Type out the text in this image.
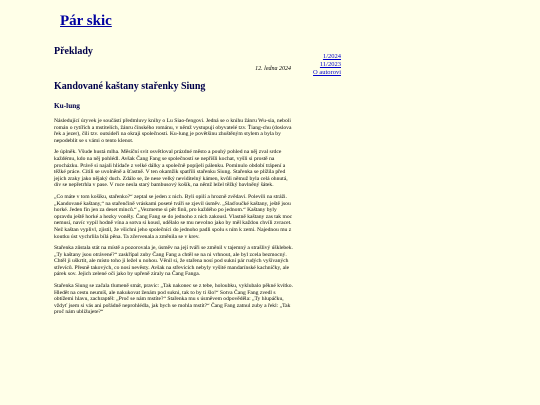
Pár skic
Překlady	1/2024
11/2023
O autorovi
12. ledna 2024
Kandované kaštany stařenky Siung
Ku-lung

Následující úryvek je součástí předmluvy knihy o Lu Siao-fengovi. Jedná se o knihu žánru Wu-sia, neboli román o rytířích a mstitelích, žánru čínského románu, v němž vystupují obyvatelé tzv. Ťiang-chu (doslova řek a jezer), čili tzv. outsideři na okraji společnosti. Ku-lung je povětšinu zhuštěným stylem a byla by nepodeblit se s vámi o tento klenot.

Je úplněk. Všude hustá mlha. Měsíční svit osvětloval prázdné město a pouhý pohled na něj zval srdce každému, kdo na něj pohlédl. Avšak Čang Fang se společností se nepřišli kochat, vyšli si prostě na procházku. Právě si najali hlídače z velké dálky a společně popíjeli pálenku. Pominulo období trápení a těžké práce. Cítili se uvolněně a šťastně. V ten okamžik spatřili stařenku Siung. Stařenka se plížila před jejich zraky jako nějaký duch. Zdálo se, že nese velký neviditelný kámen, kvůli němuž byla celá ohnutá, div se nepřetrhla v pase. V ruce nesla starý bambusový košík, na němž ležel těžký bavlněný šátek.

„Co máte v tom košíku, stařenko?“ zeptal se jeden z nich. Byli opilí a hrozně zvědaví. Polevili na stráži. „Kandované kaštany,“ na stařenčině vráskami poseté tváři se zjevil úsměv. „Slaďoučké kaštany, ještě jsou horké. Jeden fin jen za deset minců.“ „Vezmeme si pět finů, pro každého po jednom.“ Kaštany byly opravdu ještě horké a hezky voněly. Čang Fang se do jednoho z nich zakousl. Vlastně kaštany zas tak moc nemusí, navíc vypil hodně vína a sotva si kousl, udělalo se mu nevolno jako by měl každou chvíli zvracet. Než kaštan vyplivl, zjistil, že všichni jeho společníci do jednoho padli spolu s ním k zemi. Najednou mu z koutku úst vychrlila bílá pěna. Ta zčervenala a změnila se v krev.

Stařenka zůstala stát na místě a pozorovala je, úsměv na její tváři se změnil v tajemný a strašlivý úšklebek. „Ty kaštany jsou otrávené?“ zaskřípal zuby Čang Fang a chtěl se na ni vrhnout, ale byl zcela bezmocný. Chtěl ji uškrtit, ale místo toho ji ležel u nohou. Věnil si, že stařena nosí pod sukní pár rudých vyšívaných střevíců. Přesně takových, co nosí nevěsty. Avšak na střevících nebyly vyšité mandarínské kachničky, ale párek sov. Jejich zelené oči jako by upřeně zíraly na Čang Fanga.

Stařenka Siung se začala tlumeně smát, pravic: „Tak nakonec se z tebe, holoubku, vyklubalo pěkné kvítko. Hledět na cestu neumíš, ale nakukovat ženám pod sukni, tak to by ti šlo!“ Sotva Čang Fang zvedl s obtížemi hlavu, zachraptěl: „Proč se nám mstíte?“ Stařenka mu s úsměvem odpověděla: „Ty hlupáčku, vždyť jsem si vás ani pořádně neprohlédla, jak bych se mohla mstít?“ Čang Fang zatnul zuby a řekl: „Tak proč nám ubližujete?“
